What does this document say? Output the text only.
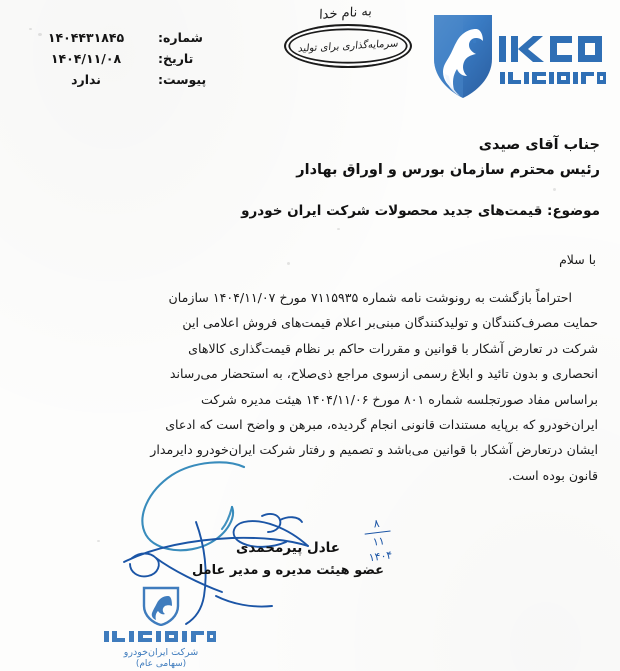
شماره:
۱۴۰۴۴۳۱۸۴۵
تاریخ:
۱۴۰۴/۱۱/۰۸
پیوست:
ندارد
به نام خدا
سرمایه‌گذاری برای تولید
جناب آقای صیدی
رئیس محترم سازمان بورس و اوراق بهادار
موضوع: قیمت‌های جدید محصولات شرکت ایران خودرو
با سلام
احتراماً بازگشت به رونوشت نامه شماره ۷۱۱۵۹۳۵ مورخ ۱۴۰۴/۱۱/۰۷ سازمان
حمایت مصرف‌کنندگان و تولیدکنندگان مبنی‌بر اعلام قیمت‌های فروش اعلامی این
شرکت در تعارض آشکار با قوانین و مقررات حاکم بر نظام قیمت‌گذاری کالاهای
انحصاری و بدون تائید و ابلاغ رسمی ازسوی مراجع ذی‌صلاح، به استحضار می‌رساند
براساس مفاد صورتجلسه شماره ۸۰۱ مورخ ۱۴۰۴/۱۱/۰۶ هیئت مدیره شرکت
ایران‌خودرو که برپایه مستندات قانونی انجام گردیده، مبرهن و واضح است که ادعای
ایشان درتعارض آشکار با قوانین می‌باشد و تصمیم و رفتار شرکت ایران‌خودرو دایرمدار
قانون بوده است.
۸
۱۱
۱۴۰۴
عادل پیرمحمدی
عضو هیئت مدیره و مدیر عامل
شرکت ایران‌خودرو
(سهامی عام)
